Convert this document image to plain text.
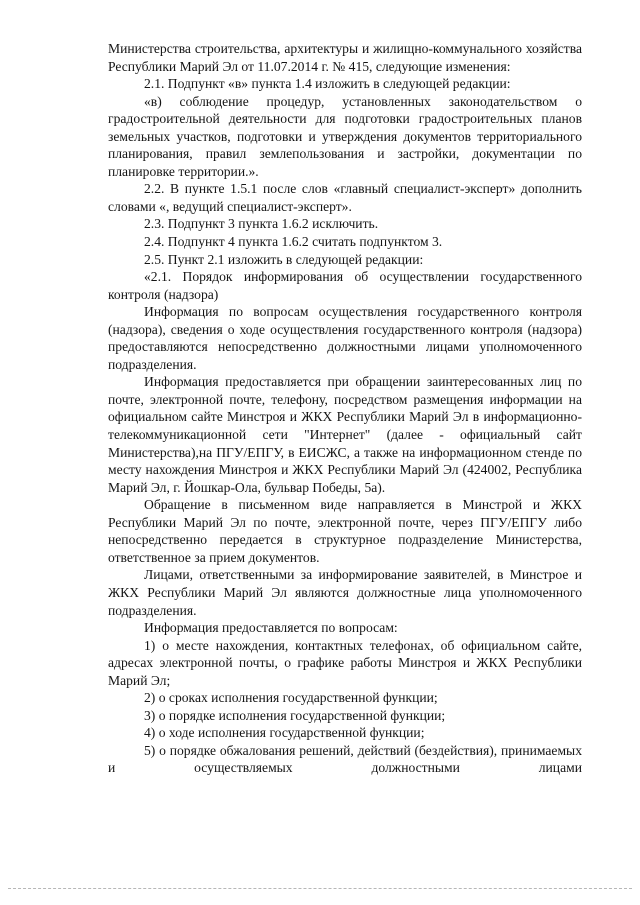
Министерства строительства, архитектуры и жилищно-коммунального хозяйства Республики Марий Эл от 11.07.2014 г. № 415, следующие изменения:

2.1. Подпункт «в» пункта 1.4 изложить в следующей редакции:

«в) соблюдение процедур, установленных законодательством о градостроительной деятельности для подготовки градостроительных планов земельных участков, подготовки и утверждения документов территориального планирования, правил землепользования и застройки, документации по планировке территории.».

2.2. В пункте 1.5.1 после слов «главный специалист-эксперт» дополнить словами «, ведущий специалист-эксперт».

2.3. Подпункт 3 пункта 1.6.2 исключить.

2.4. Подпункт 4 пункта 1.6.2 считать подпунктом 3.

2.5. Пункт 2.1 изложить в следующей редакции:

«2.1. Порядок информирования об осуществлении государственного контроля (надзора)

Информация по вопросам осуществления государственного контроля (надзора), сведения о ходе осуществления государственного контроля (надзора) предоставляются непосредственно должностными лицами уполномоченного подразделения.

Информация предоставляется при обращении заинтересованных лиц по почте, электронной почте, телефону, посредством размещения информации на официальном сайте Минстроя и ЖКХ Республики Марий Эл в информационно-телекоммуникационной сети "Интернет" (далее - официальный сайт Министерства),на ПГУ/ЕПГУ, в ЕИСЖС, а также на информационном стенде по месту нахождения Минстроя и ЖКХ Республики Марий Эл (424002, Республика Марий Эл, г. Йошкар-Ола, бульвар Победы, 5а).

Обращение в письменном виде направляется в Минстрой и ЖКХ Республики Марий Эл по почте, электронной почте, через ПГУ/ЕПГУ либо непосредственно передается в структурное подразделение Министерства, ответственное за прием документов.

Лицами, ответственными за информирование заявителей, в Минстрое и ЖКХ Республики Марий Эл являются должностные лица уполномоченного подразделения.

Информация предоставляется по вопросам:

1) о месте нахождения, контактных телефонах, об официальном сайте, адресах электронной почты, о графике работы Минстроя и ЖКХ Республики Марий Эл;

2) о сроках исполнения государственной функции;

3) о порядке исполнения государственной функции;

4) о ходе исполнения государственной функции;

5) о порядке обжалования решений, действий (бездействия), принимаемых и осуществляемых должностными лицами
